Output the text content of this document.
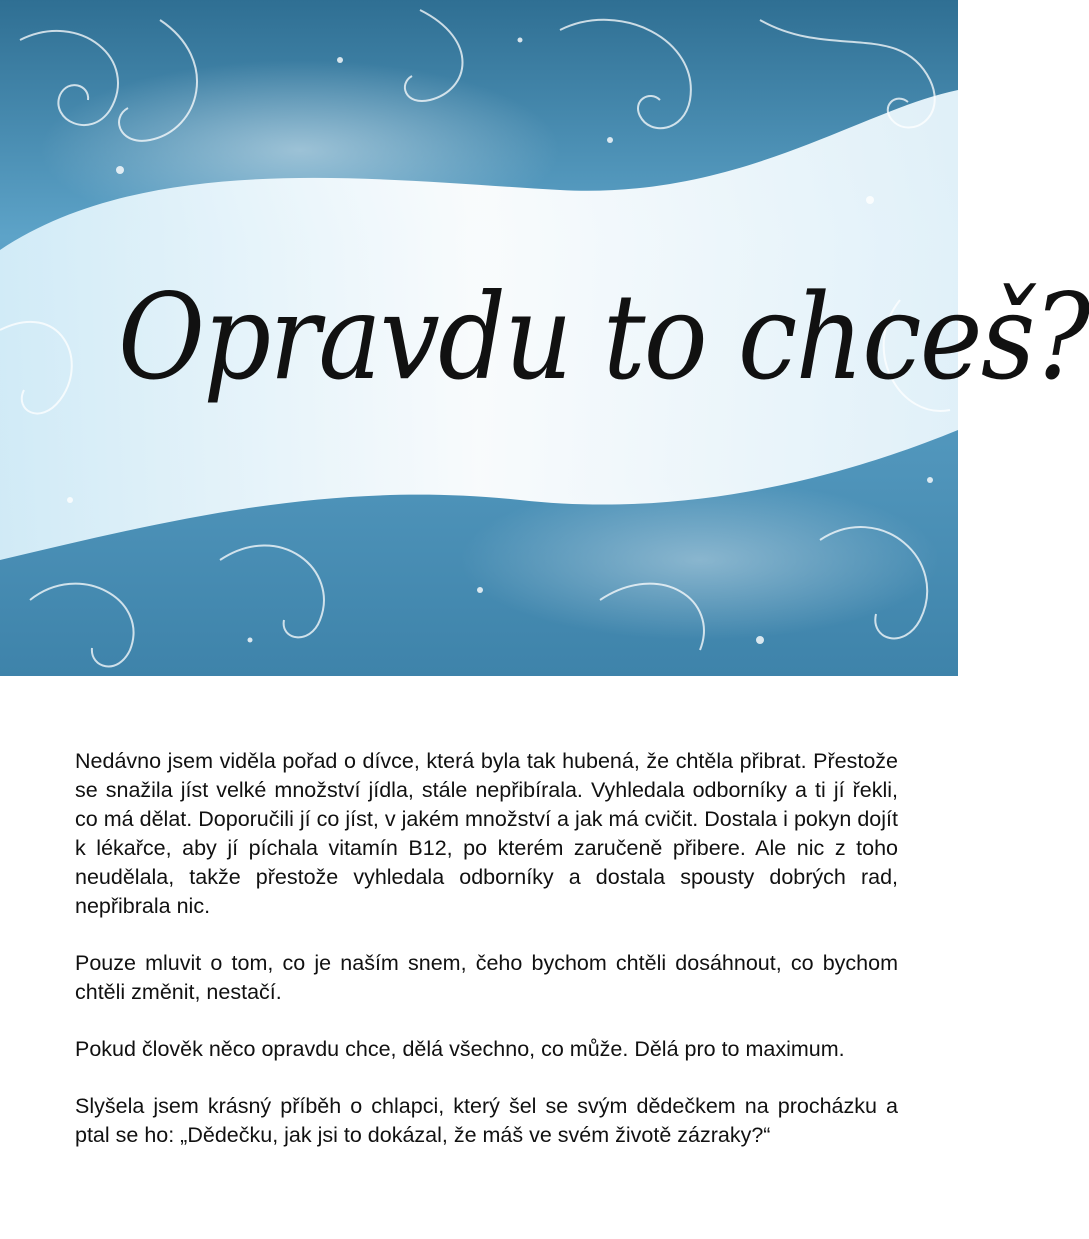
Opravdu to chceš?

Nedávno jsem viděla pořad o dívce, která byla tak hubená, že chtěla přibrat. Přestože se snažila jíst velké množství jídla, stále nepřibírala. Vyhledala odborníky a ti jí řekli, co má dělat. Doporučili jí co jíst, v jakém množství a jak má cvičit. Dostala i pokyn dojít k lékařce, aby jí píchala vitamín B12, po kterém zaručeně přibere. Ale nic z toho neudělala, takže přestože vyhledala odborníky a dostala spousty dobrých rad, nepřibrala nic.

Pouze mluvit o tom, co je naším snem, čeho bychom chtěli dosáhnout, co bychom chtěli změnit, nestačí.

Pokud člověk něco opravdu chce, dělá všechno, co může. Dělá pro to maximum.

Slyšela jsem krásný příběh o chlapci, který šel se svým dědečkem na procházku a ptal se ho: „Dědečku, jak jsi to dokázal, že máš ve svém životě zázraky?“
